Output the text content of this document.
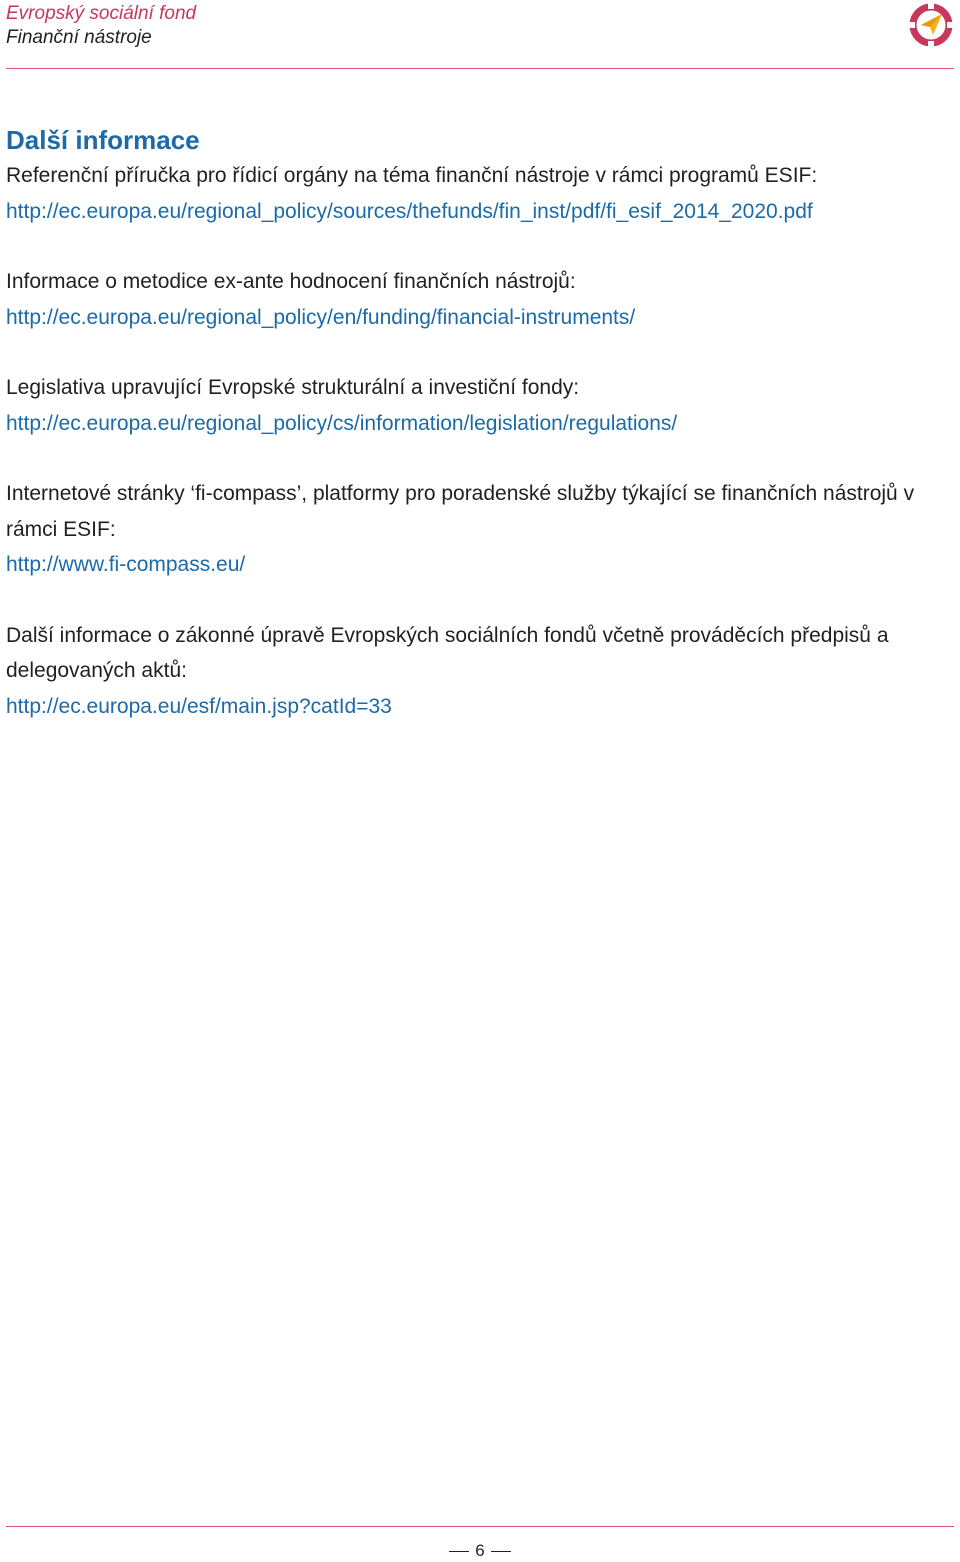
Evropský sociální fond
Finanční nástroje
Další informace
Referenční příručka pro řídicí orgány na téma finanční nástroje v rámci programů ESIF:
http://ec.europa.eu/regional_policy/sources/thefunds/fin_inst/pdf/fi_esif_2014_2020.pdf
Informace o metodice ex-ante hodnocení finančních nástrojů:
http://ec.europa.eu/regional_policy/en/funding/financial-instruments/
Legislativa upravující Evropské strukturální a investiční fondy:
http://ec.europa.eu/regional_policy/cs/information/legislation/regulations/
Internetové stránky ‘fi-compass’, platformy pro poradenské služby týkající se finančních nástrojů v rámci ESIF:
http://www.fi-compass.eu/
Další informace o zákonné úpravě Evropských sociálních fondů včetně prováděcích předpisů a delegovaných aktů:
http://ec.europa.eu/esf/main.jsp?catId=33
6
